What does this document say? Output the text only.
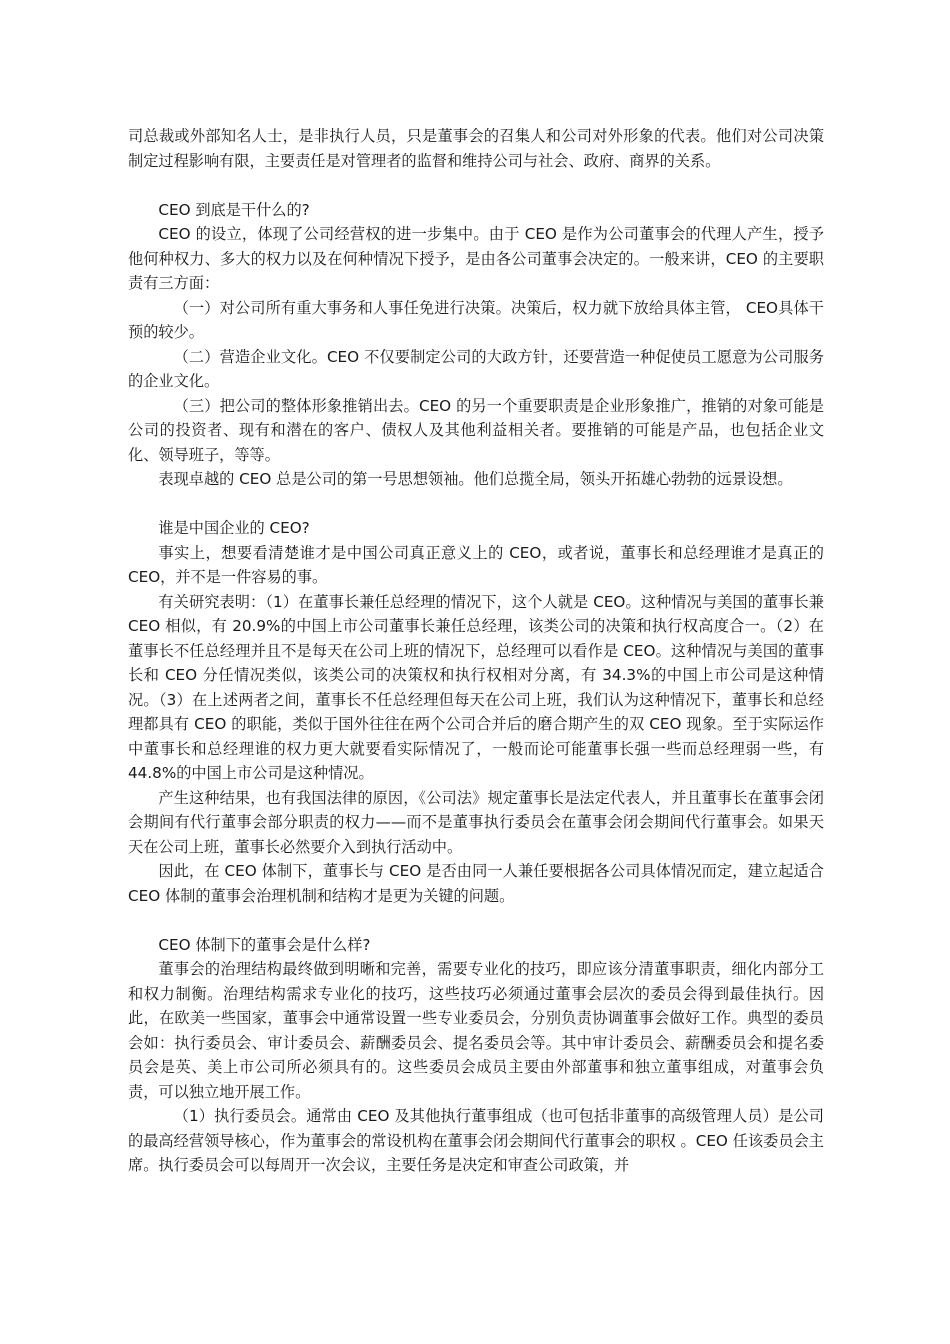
司总裁或外部知名人士，是非执行人员，只是董事会的召集人和公司对外形象的代表。他们对公司决策制定过程影响有限，主要责任是对管理者的监督和维持公司与社会、政府、商界的关系。

CEO 到底是干什么的?

CEO 的设立，体现了公司经营权的进一步集中。由于 CEO 是作为公司董事会的代理人产生，授予他何种权力、多大的权力以及在何种情况下授予，是由各公司董事会决定的。一般来讲，CEO 的主要职责有三方面：

（一）对公司所有重大事务和人事任免进行决策。决策后，权力就下放给具体主管， CEO具体干预的较少。

（二）营造企业文化。CEO 不仅要制定公司的大政方针，还要营造一种促使员工愿意为公司服务的企业文化。

（三）把公司的整体形象推销出去。CEO 的另一个重要职责是企业形象推广，推销的对象可能是公司的投资者、现有和潜在的客户、债权人及其他利益相关者。要推销的可能是产品，也包括企业文化、领导班子，等等。

表现卓越的 CEO 总是公司的第一号思想领袖。他们总揽全局，领头开拓雄心勃勃的远景设想。

谁是中国企业的 CEO?

事实上，想要看清楚谁才是中国公司真正意义上的 CEO，或者说，董事长和总经理谁才是真正的 CEO，并不是一件容易的事。

有关研究表明：（1）在董事长兼任总经理的情况下，这个人就是 CEO。这种情况与美国的董事长兼 CEO 相似，有 20.9%的中国上市公司董事长兼任总经理，该类公司的决策和执行权高度合一。（2）在董事长不任总经理并且不是每天在公司上班的情况下，总经理可以看作是 CEO。这种情况与美国的董事长和 CEO 分任情况类似，该类公司的决策权和执行权相对分离，有 34.3%的中国上市公司是这种情况。（3）在上述两者之间，董事长不任总经理但每天在公司上班，我们认为这种情况下，董事长和总经理都具有 CEO 的职能，类似于国外往往在两个公司合并后的磨合期产生的双 CEO 现象。至于实际运作中董事长和总经理谁的权力更大就要看实际情况了，一般而论可能董事长强一些而总经理弱一些，有 44.8%的中国上市公司是这种情况。

产生这种结果，也有我国法律的原因，《公司法》规定董事长是法定代表人，并且董事长在董事会闭会期间有代行董事会部分职责的权力——而不是董事执行委员会在董事会闭会期间代行董事会。如果天天在公司上班，董事长必然要介入到执行活动中。

因此，在 CEO 体制下，董事长与 CEO 是否由同一人兼任要根据各公司具体情况而定，建立起适合 CEO 体制的董事会治理机制和结构才是更为关键的问题。

CEO 体制下的董事会是什么样?

董事会的治理结构最终做到明晰和完善，需要专业化的技巧，即应该分清董事职责，细化内部分工和权力制衡。治理结构需求专业化的技巧，这些技巧必须通过董事会层次的委员会得到最佳执行。因此，在欧美一些国家，董事会中通常设置一些专业委员会，分别负责协调董事会做好工作。典型的委员会如：执行委员会、审计委员会、薪酬委员会、提名委员会等。其中审计委员会、薪酬委员会和提名委员会是英、美上市公司所必须具有的。这些委员会成员主要由外部董事和独立董事组成，对董事会负责，可以独立地开展工作。

（1）执行委员会。通常由 CEO 及其他执行董事组成（也可包括非董事的高级管理人员）是公司的最高经营领导核心，作为董事会的常设机构在董事会闭会期间代行董事会的职权 。CEO 任该委员会主席。执行委员会可以每周开一次会议，主要任务是决定和审查公司政策，并
